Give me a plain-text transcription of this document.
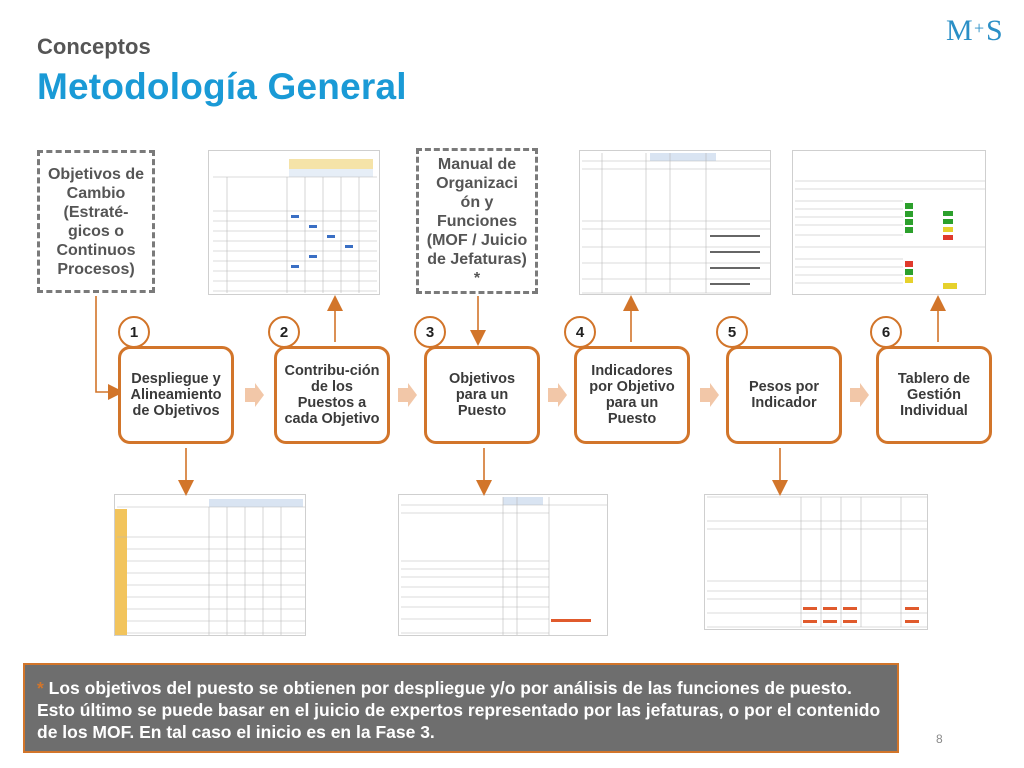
Conceptos
Metodología General
M + S
Objetivos de Cambio (Estraté-gicos o Continuos Procesos)
Manual de Organizaci ón y Funciones (MOF / Juicio de Jefaturas) *
1
Despliegue y Alineamiento de Objetivos
2
Contribu-ción de los Puestos a cada Objetivo
3
Objetivos para un Puesto
4
Indicadores por Objetivo para un Puesto
5
Pesos por Indicador
6
Tablero de Gestión Individual
* Los objetivos del puesto se obtienen por despliegue y/o por análisis de las funciones de puesto. Esto último se puede basar en el juicio de expertos representado por las jefaturas, o por el contenido de los MOF. En tal caso el inicio es en la Fase 3.	8
